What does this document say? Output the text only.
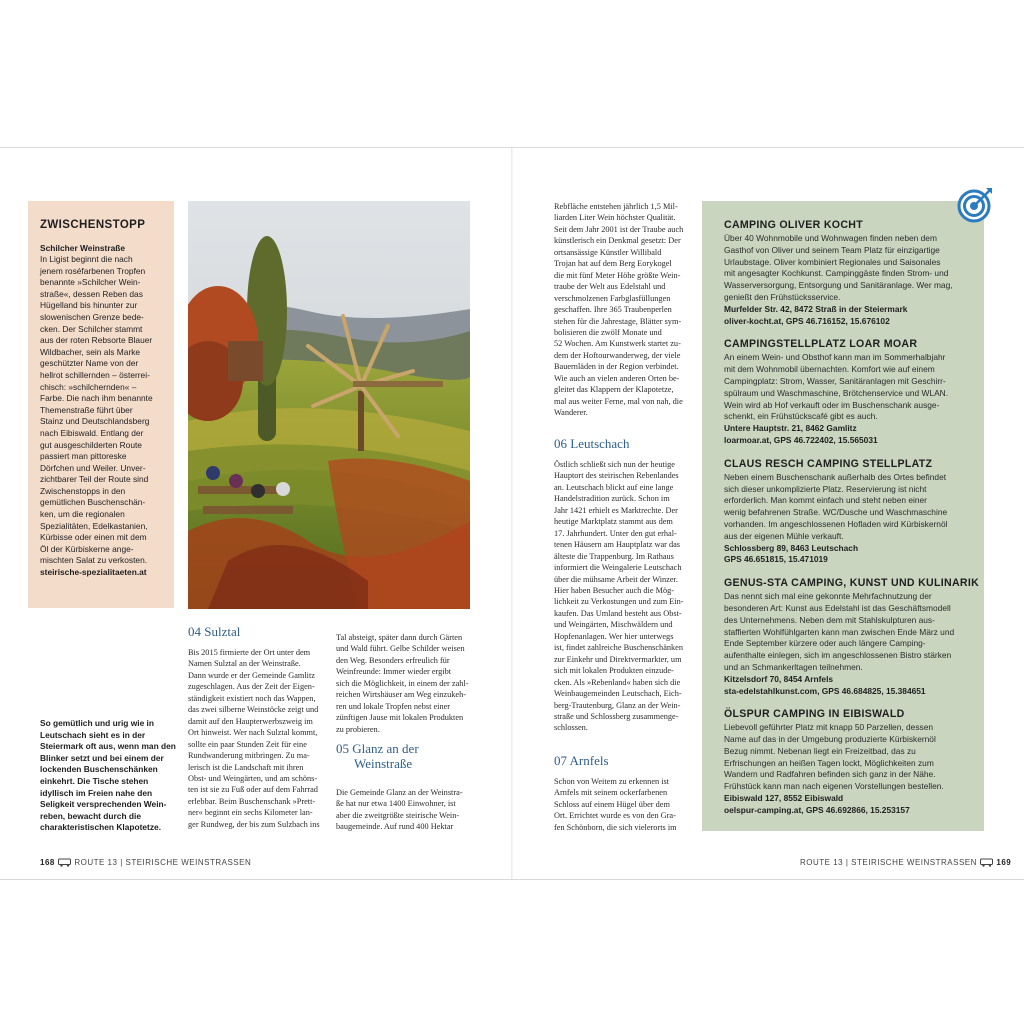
ZWISCHENSTOPP
Schilcher Weinstraße
In Ligist beginnt die nach
jenem roséfarbenen Tropfen
benannte »Schilcher Wein-
straße«, dessen Reben das
Hügelland bis hinunter zur
slowenischen Grenze bede-
cken. Der Schilcher stammt
aus der roten Rebsorte Blauer
Wildbacher, sein als Marke
geschützter Name von der
hellrot schillernden – österrei-
chisch: »schilchernden« –
Farbe. Die nach ihm benannte
Themenstraße führt über
Stainz und Deutschlandsberg
nach Eibiswald. Entlang der
gut ausgeschilderten Route
passiert man pittoreske
Dörfchen und Weiler. Unver-
zichtbarer Teil der Route sind
Zwischenstopps in den
gemütlichen Buschenschän-
ken, um die regionalen
Spezialitäten, Edelkastanien,
Kürbisse oder einen mit dem
Öl der Kürbiskerne ange-
mischten Salat zu verkosten.
steirische-spezialitaeten.at
So gemütlich und urig wie in
Leutschach sieht es in der
Steiermark oft aus, wenn man den
Blinker setzt und bei einem der
lockenden Buschenschänken
einkehrt. Die Tische stehen
idyllisch im Freien nahe den
Seligkeit versprechenden Wein-
reben, bewacht durch die
charakteristischen Klapotetze.
04 Sulztal
Bis 2015 firmierte der Ort unter dem
Namen Sulztal an der Weinstraße.
Dann wurde er der Gemeinde Gamlitz
zugeschlagen. Aus der Zeit der Eigen-
ständigkeit existiert noch das Wappen,
das zwei silberne Weinstöcke zeigt und
damit auf den Haupterwerbszweig im
Ort hinweist. Wer nach Sulztal kommt,
sollte ein paar Stunden Zeit für eine
Rundwanderung mitbringen. Zu ma-
lerisch ist die Landschaft mit ihren
Obst- und Weingärten, und am schöns-
ten ist sie zu Fuß oder auf dem Fahrrad
erlebbar. Beim Buschenschank »Prett-
ner« beginnt ein sechs Kilometer lan-
ger Rundweg, der bis zum Sulzbach ins
Tal absteigt, später dann durch Gärten
und Wald führt. Gelbe Schilder weisen
den Weg. Besonders erfreulich für
Weinfreunde: Immer wieder ergibt
sich die Möglichkeit, in einem der zahl-
reichen Wirtshäuser am Weg einzukeh-
ren und lokale Tropfen nebst einer
zünftigen Jause mit lokalen Produkten
zu probieren.
05 Glanz an der
Weinstraße
Die Gemeinde Glanz an der Weinstra-
ße hat nur etwa 1400 Einwohner, ist
aber die zweitgrößte steirische Wein-
baugemeinde. Auf rund 400 Hektar
168 ROUTE 13 | STEIRISCHE WEINSTRASSEN
Rebfläche entstehen jährlich 1,5 Mil-
liarden Liter Wein höchster Qualität.
Seit dem Jahr 2001 ist der Traube auch
künstlerisch ein Denkmal gesetzt: Der
ortsansässige Künstler Willibald
Trojan hat auf dem Berg Eorykogel
die mit fünf Meter Höhe größte Wein-
traube der Welt aus Edelstahl und
verschmolzenen Farbglasfüllungen
geschaffen. Ihre 365 Traubenperlen
stehen für die Jahrestage, Blätter sym-
bolisieren die zwölf Monate und
52 Wochen. Am Kunstwerk startet zu-
dem der Hoftourwanderweg, der viele
Bauernläden in der Region verbindet.
Wie auch an vielen anderen Orten be-
gleitet das Klappern der Klapotetze,
mal aus weiter Ferne, mal von nah, die
Wanderer.
06 Leutschach
Östlich schließt sich nun der heutige
Hauptort des steirischen Rebenlandes
an. Leutschach blickt auf eine lange
Handelstradition zurück. Schon im
Jahr 1421 erhielt es Marktrechte. Der
heutige Marktplatz stammt aus dem
17. Jahrhundert. Unter den gut erhal-
tenen Häusern am Hauptplatz war das
älteste die Trappenburg. Im Rathaus
informiert die Weingalerie Leutschach
über die mühsame Arbeit der Winzer.
Hier haben Besucher auch die Mög-
lichkeit zu Verkostungen und zum Ein-
kaufen. Das Umland besteht aus Obst-
und Weingärten, Mischwäldern und
Hopfenanlagen. Wer hier unterwegs
ist, findet zahlreiche Buschenschänken
zur Einkehr und Direktvermarkter, um
sich mit lokalen Produkten einzude-
cken. Als »Rebenland« haben sich die
Weinbaugemeinden Leutschach, Eich-
berg-Trautenburg, Glanz an der Wein-
straße und Schlossberg zusammenge-
schlossen.
07 Arnfels
Schon von Weitem zu erkennen ist
Arnfels mit seinem ockerfarbenen
Schloss auf einem Hügel über dem
Ort. Errichtet wurde es von den Gra-
fen Schönborn, die sich vielerorts im
CAMPING OLIVER KOCHT
Über 40 Wohnmobile und Wohnwagen finden neben dem
Gasthof von Oliver und seinem Team Platz für einzigartige
Urlaubstage. Oliver kombiniert Regionales und Saisonales
mit angesagter Kochkunst. Campinggäste finden Strom- und
Wasserversorgung, Entsorgung und Sanitäranlage. Wer mag,
genießt den Frühstücksservice.
Murfelder Str. 42, 8472 Straß in der Steiermark
oliver-kocht.at, GPS 46.716152, 15.676102
CAMPINGSTELLPLATZ LOAR MOAR
An einem Wein- und Obsthof kann man im Sommerhalbjahr
mit dem Wohnmobil übernachten. Komfort wie auf einem
Campingplatz: Strom, Wasser, Sanitäranlagen mit Geschirr-
spülraum und Waschmaschine, Brötchenservice und WLAN.
Wein wird ab Hof verkauft oder im Buschenschank ausge-
schenkt, ein Frühstückscafé gibt es auch.
Untere Hauptstr. 21, 8462 Gamlitz
loarmoar.at, GPS 46.722402, 15.565031
CLAUS RESCH CAMPING STELLPLATZ
Neben einem Buschenschank außerhalb des Ortes befindet
sich dieser unkomplizierte Platz. Reservierung ist nicht
erforderlich. Man kommt einfach und steht neben einer
wenig befahrenen Straße. WC/Dusche und Waschmaschine
vorhanden. Im angeschlossenen Hofladen wird Kürbiskernöl
aus der eigenen Mühle verkauft.
Schlossberg 89, 8463 Leutschach
GPS 46.651815, 15.471019
GENUS-STA CAMPING, KUNST UND KULINARIK
Das nennt sich mal eine gekonnte Mehrfachnutzung der
besonderen Art: Kunst aus Edelstahl ist das Geschäftsmodell
des Unternehmens. Neben dem mit Stahlskulpturen aus-
staffierten Wohlfühlgarten kann man zwischen Ende März und
Ende September kürzere oder auch längere Camping-
aufenthalte einlegen, sich im angeschlossenen Bistro stärken
und an Schmankerltagen teilnehmen.
Kitzelsdorf 70, 8454 Arnfels
sta-edelstahlkunst.com, GPS 46.684825, 15.384651
ÖLSPUR CAMPING IN EIBISWALD
Liebevoll geführter Platz mit knapp 50 Parzellen, dessen
Name auf das in der Umgebung produzierte Kürbiskernöl
Bezug nimmt. Nebenan liegt ein Freizeitbad, das zu
Erfrischungen an heißen Tagen lockt, Möglichkeiten zum
Wandern und Radfahren befinden sich ganz in der Nähe.
Frühstück kann man nach eigenen Vorstellungen bestellen.
Eibiswald 127, 8552 Eibiswald
oelspur-camping.at, GPS 46.692866, 15.253157
ROUTE 13 | STEIRISCHE WEINSTRASSEN 169
